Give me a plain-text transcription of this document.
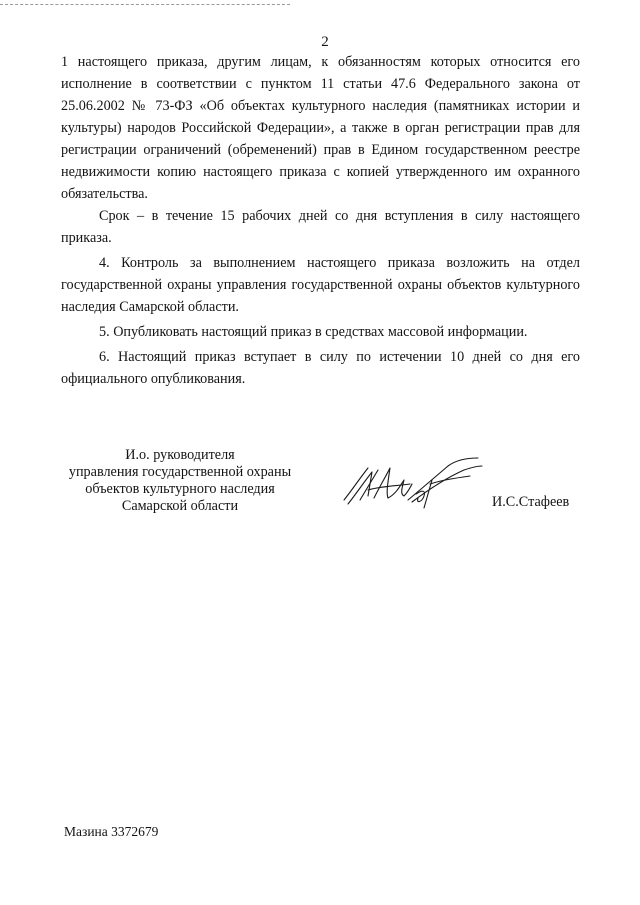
2

1 настоящего приказа, другим лицам, к обязанностям которых относится его исполнение в соответствии с пунктом 11 статьи 47.6 Федерального закона от 25.06.2002 № 73-ФЗ «Об объектах культурного наследия (памятниках истории и культуры) народов Российской Федерации», а также в орган регистрации прав для регистрации ограничений (обременений) прав в Едином государственном реестре недвижимости копию настоящего приказа с копией утвержденного им охранного обязательства.

Срок – в течение 15 рабочих дней со дня вступления в силу настоящего приказа.

4. Контроль за выполнением настоящего приказа возложить на отдел государственной охраны управления государственной охраны объектов культурного наследия Самарской области.

5. Опубликовать настоящий приказ в средствах массовой информации.

6. Настоящий приказ вступает в силу по истечении 10 дней со дня его официального опубликования.

И.о. руководителя
управления государственной охраны
объектов культурного наследия
Самарской области	И.С.Стафеев
Мазина 3372679
